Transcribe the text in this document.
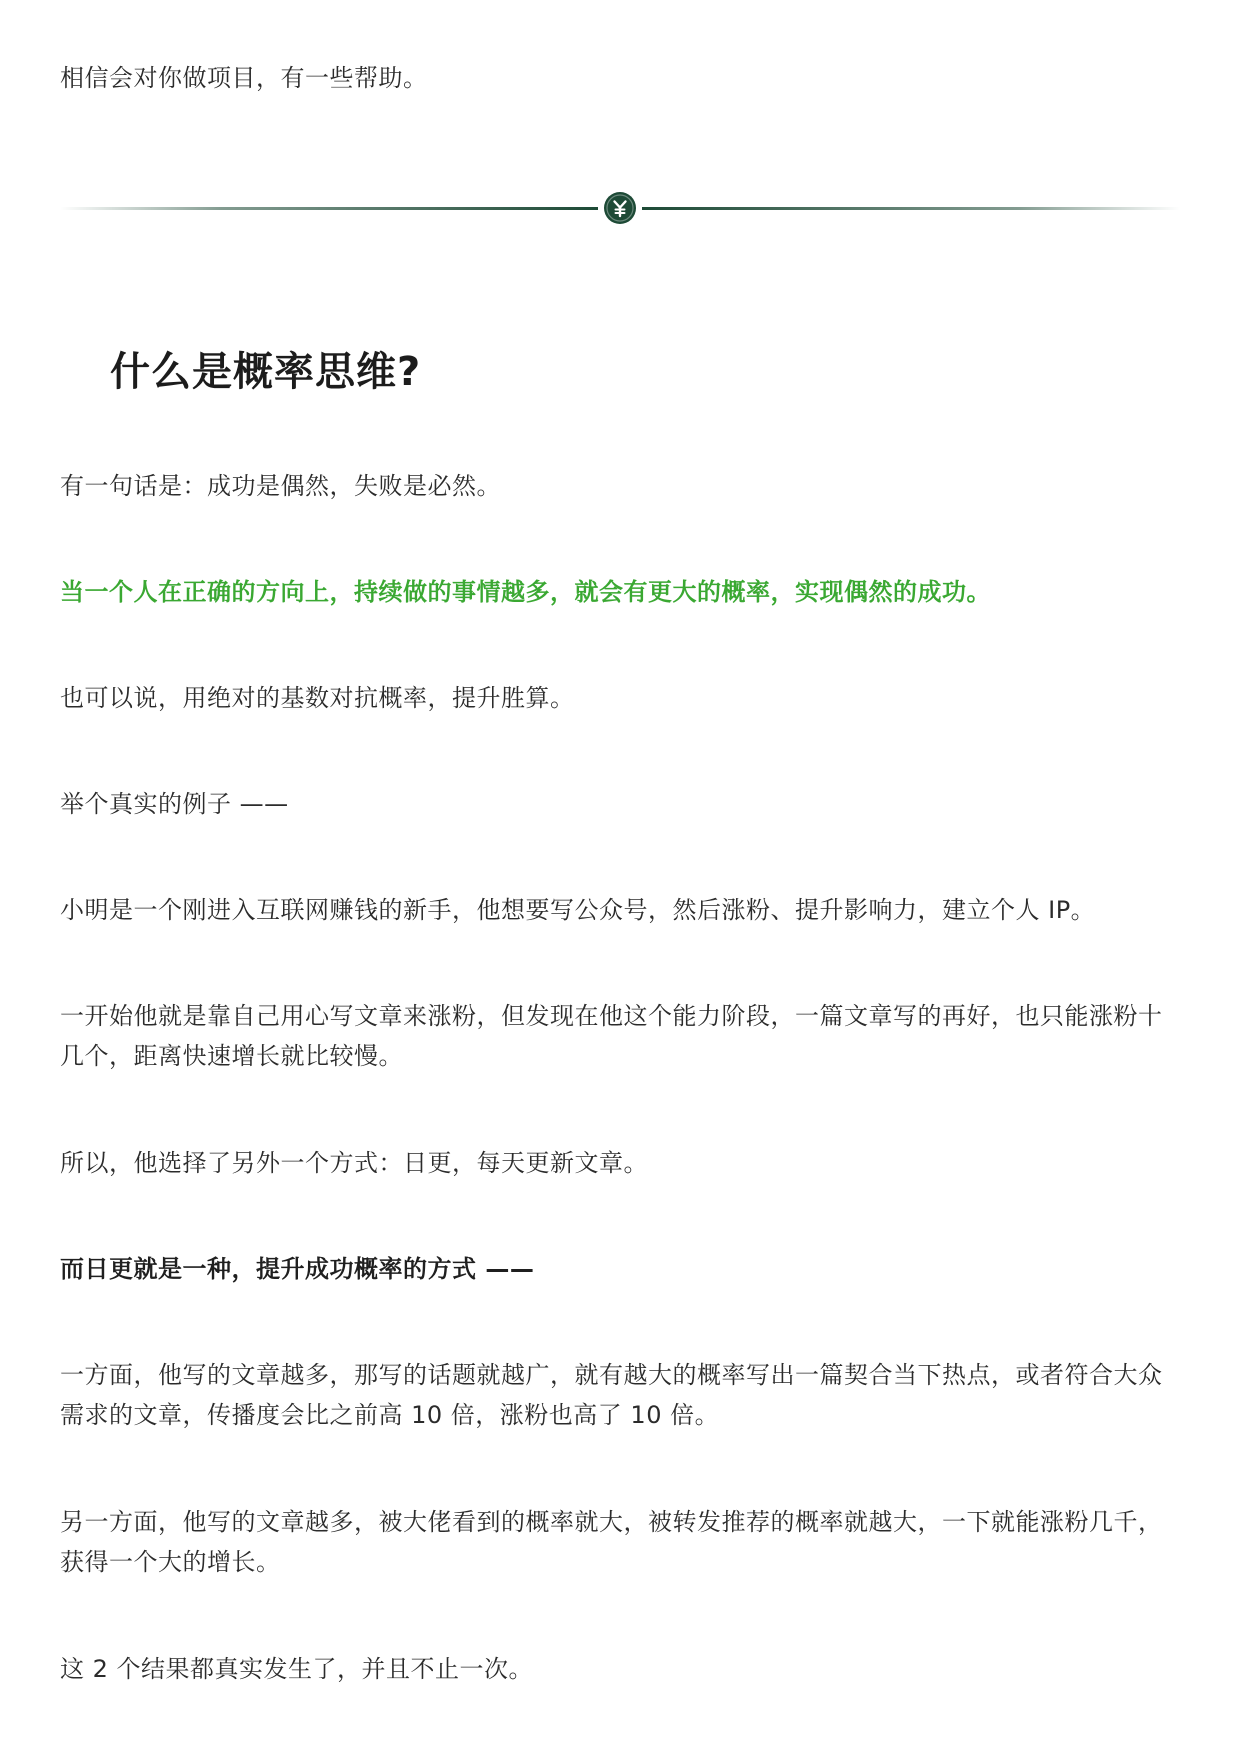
相信会对你做项目，有一些帮助。

什么是概率思维?

有一句话是：成功是偶然，失败是必然。

当一个人在正确的方向上，持续做的事情越多，就会有更大的概率，实现偶然的成功。

也可以说，用绝对的基数对抗概率，提升胜算。

举个真实的例子 ——

小明是一个刚进入互联网赚钱的新手，他想要写公众号，然后涨粉、提升影响力，建立个人 IP。

一开始他就是靠自己用心写文章来涨粉，但发现在他这个能力阶段，一篇文章写的再好，也只能涨粉十几个，距离快速增长就比较慢。

所以，他选择了另外一个方式：日更，每天更新文章。

而日更就是一种，提升成功概率的方式 ——

一方面，他写的文章越多，那写的话题就越广，就有越大的概率写出一篇契合当下热点，或者符合大众需求的文章，传播度会比之前高 10 倍，涨粉也高了 10 倍。

另一方面，他写的文章越多，被大佬看到的概率就大，被转发推荐的概率就越大，一下就能涨粉几千，获得一个大的增长。

这 2 个结果都真实发生了，并且不止一次。
